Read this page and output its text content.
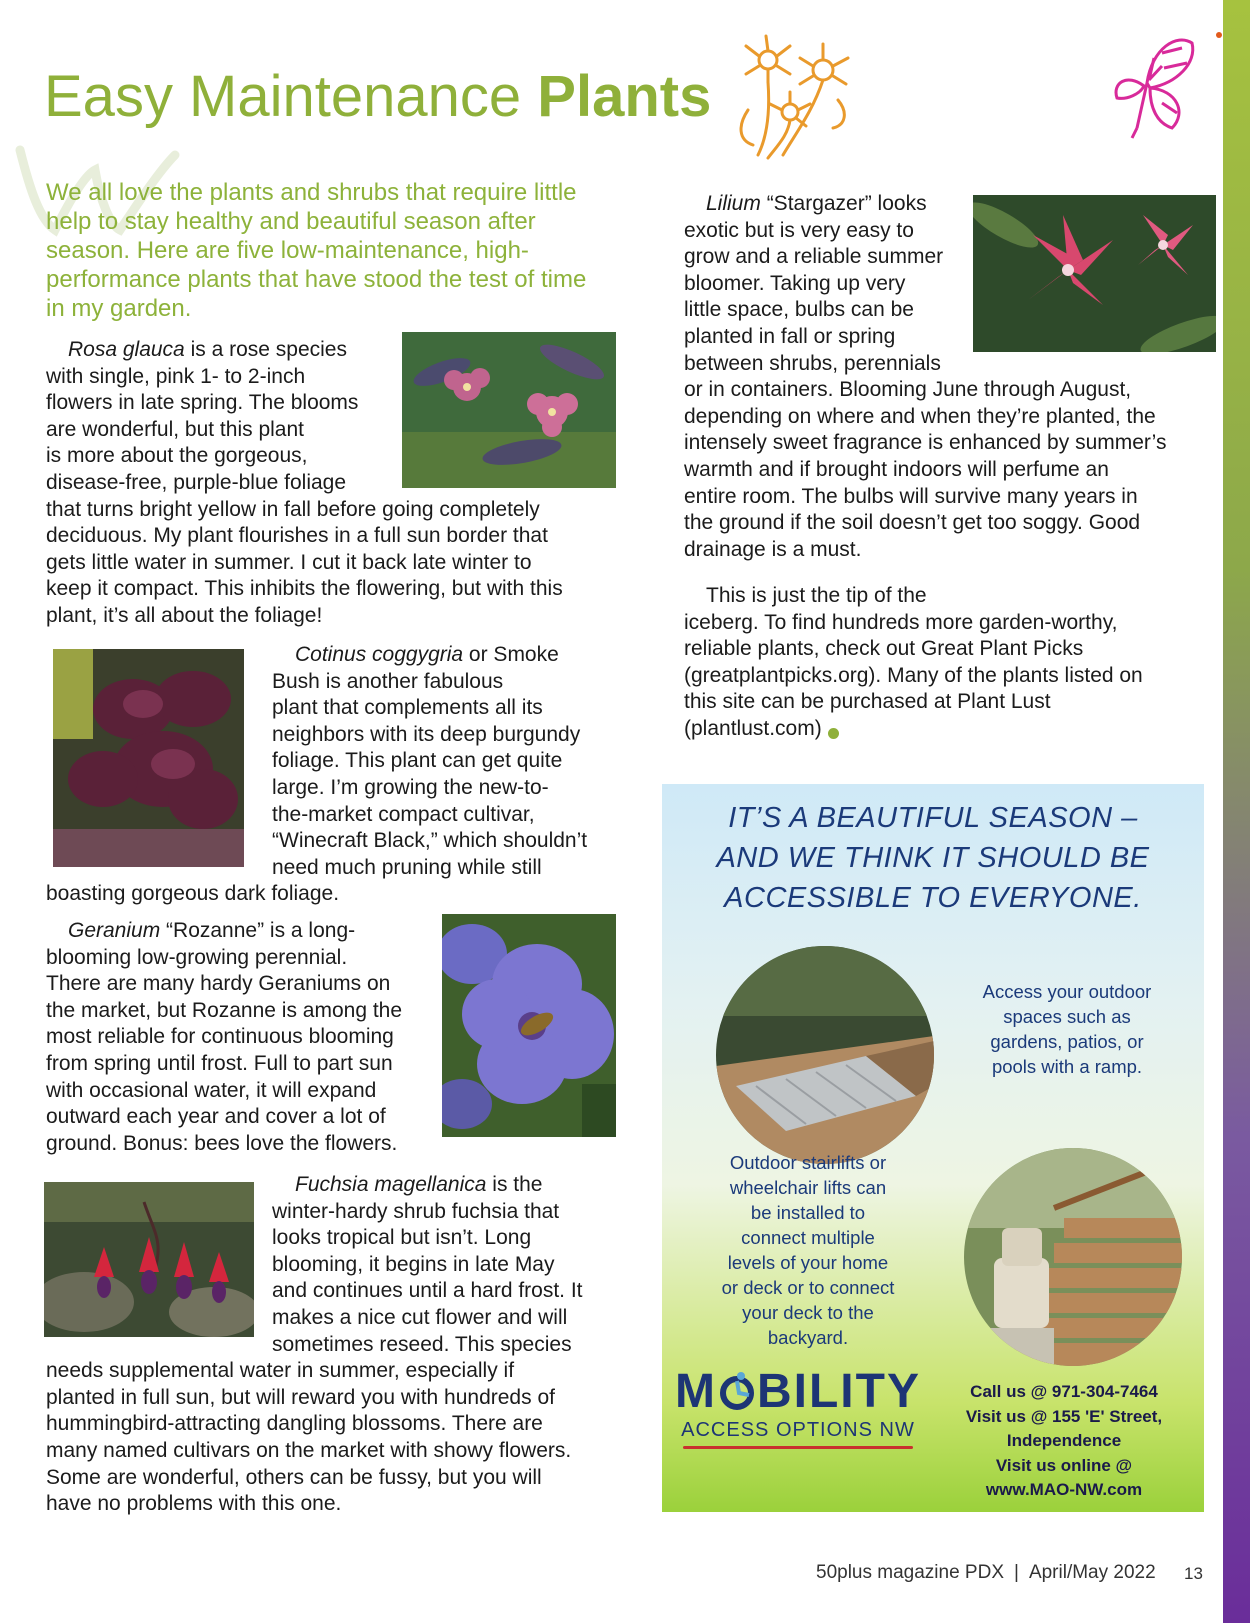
Easy Maintenance Plants
We all love the plants and shrubs that require little help to stay healthy and beautiful season after season. Here are five low-maintenance, high-performance plants that have stood the test of time in my garden.
Rosa glauca is a rose species
with single, pink 1- to 2-inch
flowers in late spring. The blooms
are wonderful, but this plant
is more about the gorgeous,
disease-free, purple-blue foliage
that turns bright yellow in fall before going completely
deciduous. My plant flourishes in a full sun border that
gets little water in summer. I cut it back late winter to
keep it compact. This inhibits the flowering, but with this
plant, it’s all about the foliage!
Cotinus coggygria or Smoke
Bush is another fabulous
plant that complements all its
neighbors with its deep burgundy
foliage. This plant can get quite
large. I’m growing the new-to-
the-market compact cultivar,
“Winecraft Black,” which shouldn’t
need much pruning while still
boasting gorgeous dark foliage.
Geranium “Rozanne” is a long-
blooming low-growing perennial.
There are many hardy Geraniums on
the market, but Rozanne is among the
most reliable for continuous blooming
from spring until frost. Full to part sun
with occasional water, it will expand
outward each year and cover a lot of
ground. Bonus: bees love the flowers.
Fuchsia magellanica is the
winter-hardy shrub fuchsia that
looks tropical but isn’t. Long
blooming, it begins in late May
and continues until a hard frost. It
makes a nice cut flower and will
sometimes reseed. This species
needs supplemental water in summer, especially if
planted in full sun, but will reward you with hundreds of
hummingbird-attracting dangling blossoms. There are
many named cultivars on the market with showy flowers.
Some are wonderful, others can be fussy, but you will
have no problems with this one.
Lilium “Stargazer” looks
exotic but is very easy to
grow and a reliable summer
bloomer. Taking up very
little space, bulbs can be
planted in fall or spring
between shrubs, perennials
or in containers. Blooming June through August,
depending on where and when they’re planted, the
intensely sweet fragrance is enhanced by summer’s
warmth and if brought indoors will perfume an
entire room. The bulbs will survive many years in
the ground if the soil doesn’t get too soggy. Good
drainage is a must.
This is just the tip of the
iceberg. To find hundreds more garden-worthy,
reliable plants, check out Great Plant Picks
(greatplantpicks.org). Many of the plants listed on
this site can be purchased at Plant Lust
(plantlust.com)
IT’S A BEAUTIFUL SEASON –
AND WE THINK IT SHOULD BE
ACCESSIBLE TO EVERYONE.
Access your outdoor
spaces such as
gardens, patios, or
pools with a ramp.
Outdoor stairlifts or
wheelchair lifts can
be installed to
connect multiple
levels of your home
or deck or to connect
your deck to the
backyard.
M BILITY
ACCESS OPTIONS NW
Call us @ 971-304-7464
Visit us @ 155 'E' Street,
Independence
Visit us online @
www.MAO-NW.com
50plus magazine PDX | April/May 2022 13
